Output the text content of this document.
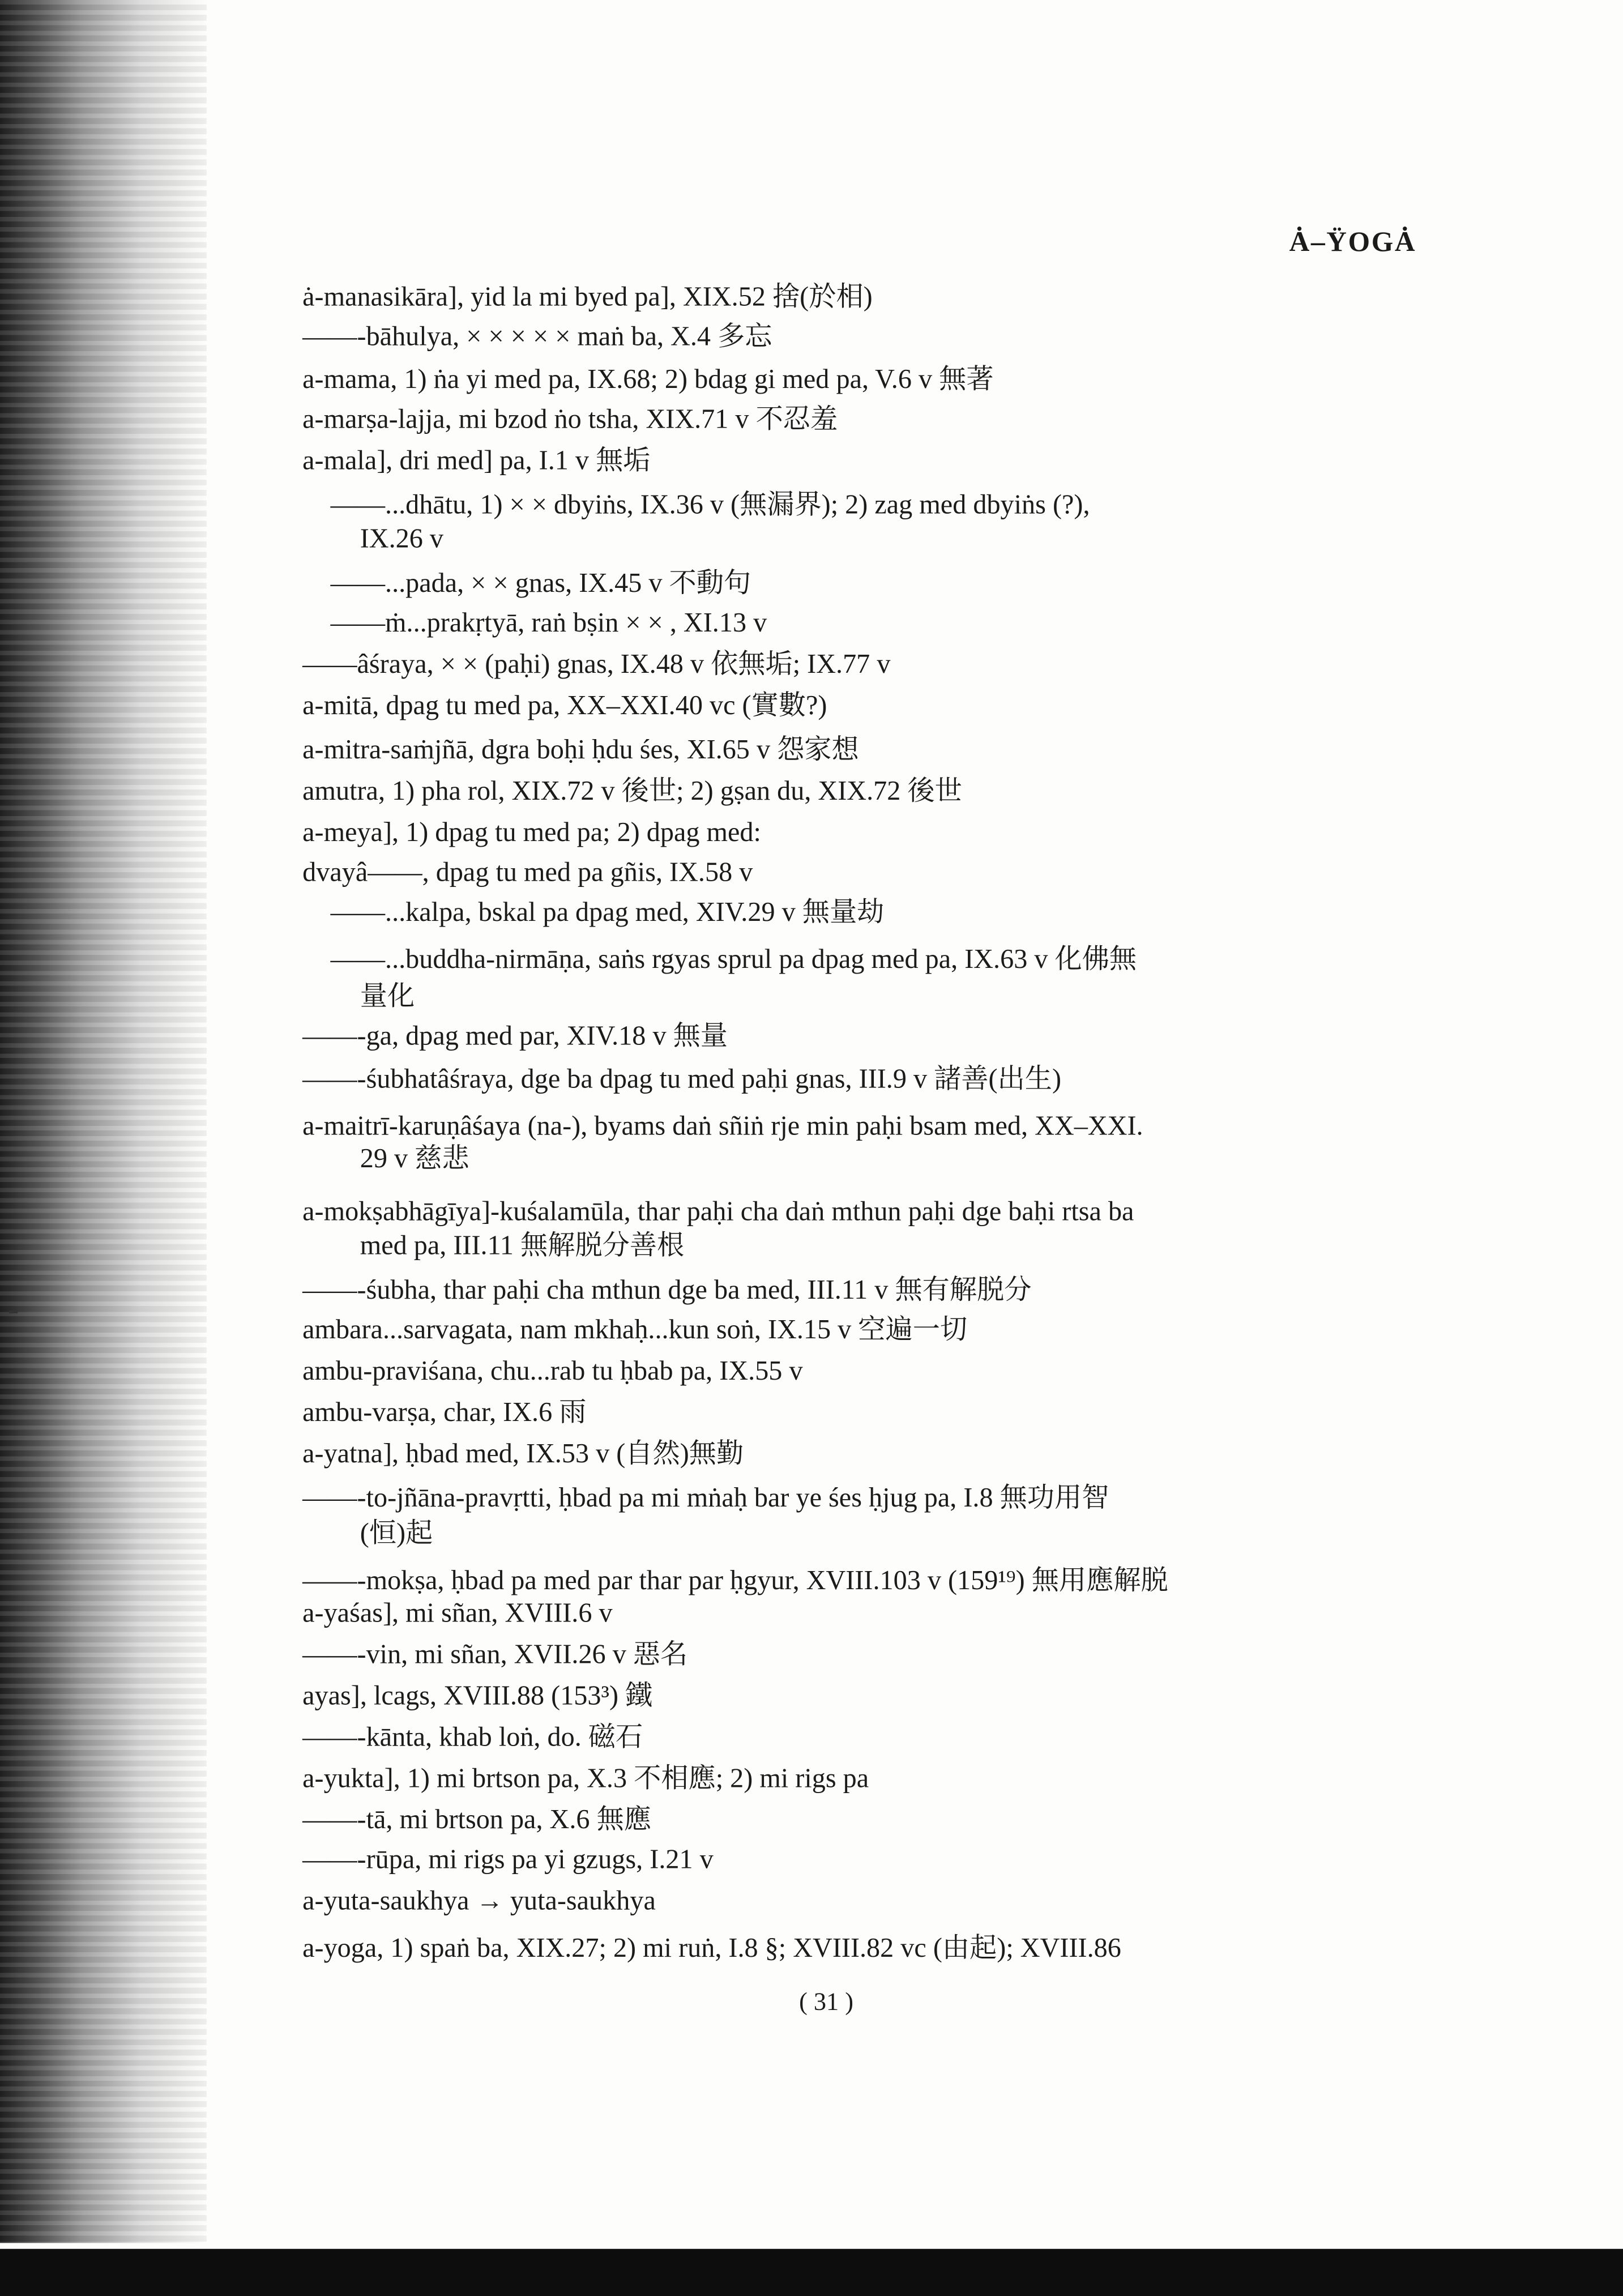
Ȧ–ŸOGȦ
ȧ-manasikāra], yid la mi byed pa], XIX.52 捨(於相)
——-bāhulya, × × × × × maṅ ba, X.4 多忘
a-mama, 1) ṅa yi med pa, IX.68; 2) bdag gi med pa, V.6 v 無著
a-marṣa-lajja, mi bzod ṅo tsha, XIX.71 v 不忍羞
a-mala], dri med] pa, I.1 v 無垢
——...dhātu, 1) × × dbyiṅs, IX.36 v (無漏界); 2) zag med dbyiṅs (?),
IX.26 v
——...pada, × × gnas, IX.45 v 不動句
——ṁ...prakṛtyā, raṅ bṣin × × , XI.13 v
——âśraya, × × (paḥi) gnas, IX.48 v 依無垢; IX.77 v
a-mitā, dpag tu med pa, XX–XXI.40 vc (實數?)
a-mitra-saṁjñā, dgra boḥi ḥdu śes, XI.65 v 怨家想
amutra, 1) pha rol, XIX.72 v 後世; 2) gṣan du, XIX.72 後世
a-meya], 1) dpag tu med pa; 2) dpag med:
dvayâ——, dpag tu med pa gñis, IX.58 v
——...kalpa, bskal pa dpag med, XIV.29 v 無量劫
——...buddha-nirmāṇa, saṅs rgyas sprul pa dpag med pa, IX.63 v 化佛無
量化
——-ga, dpag med par, XIV.18 v 無量
——-śubhatâśraya, dge ba dpag tu med paḥi gnas, III.9 v 諸善(出生)
a-maitrī-karuṇâśaya (na-), byams daṅ sñiṅ rje min paḥi bsam med, XX–XXI.
29 v 慈悲
a-mokṣabhāgīya]-kuśalamūla, thar paḥi cha daṅ mthun paḥi dge baḥi rtsa ba
med pa, III.11 無解脱分善根
——-śubha, thar paḥi cha mthun dge ba med, III.11 v 無有解脱分
ambara...sarvagata, nam mkhaḥ...kun soṅ, IX.15 v 空遍一切
ambu-praviśana, chu...rab tu ḥbab pa, IX.55 v
ambu-varṣa, char, IX.6 雨
a-yatna], ḥbad med, IX.53 v (自然)無勤
——-to-jñāna-pravṛtti, ḥbad pa mi mṅaḥ bar ye śes ḥjug pa, I.8 無功用智
(恒)起
——-mokṣa, ḥbad pa med par thar par ḥgyur, XVIII.103 v (159¹⁹) 無用應解脱
a-yaśas], mi sñan, XVIII.6 v
——-vin, mi sñan, XVII.26 v 惡名
ayas], lcags, XVIII.88 (153³) 鐵
——-kānta, khab loṅ, do. 磁石
a-yukta], 1) mi brtson pa, X.3 不相應; 2) mi rigs pa
——-tā, mi brtson pa, X.6 無應
——-rūpa, mi rigs pa yi gzugs, I.21 v
a-yuta-saukhya → yuta-saukhya
a-yoga, 1) spaṅ ba, XIX.27; 2) mi ruṅ, I.8 §; XVIII.82 vc (由起); XVIII.86
( 31 )
